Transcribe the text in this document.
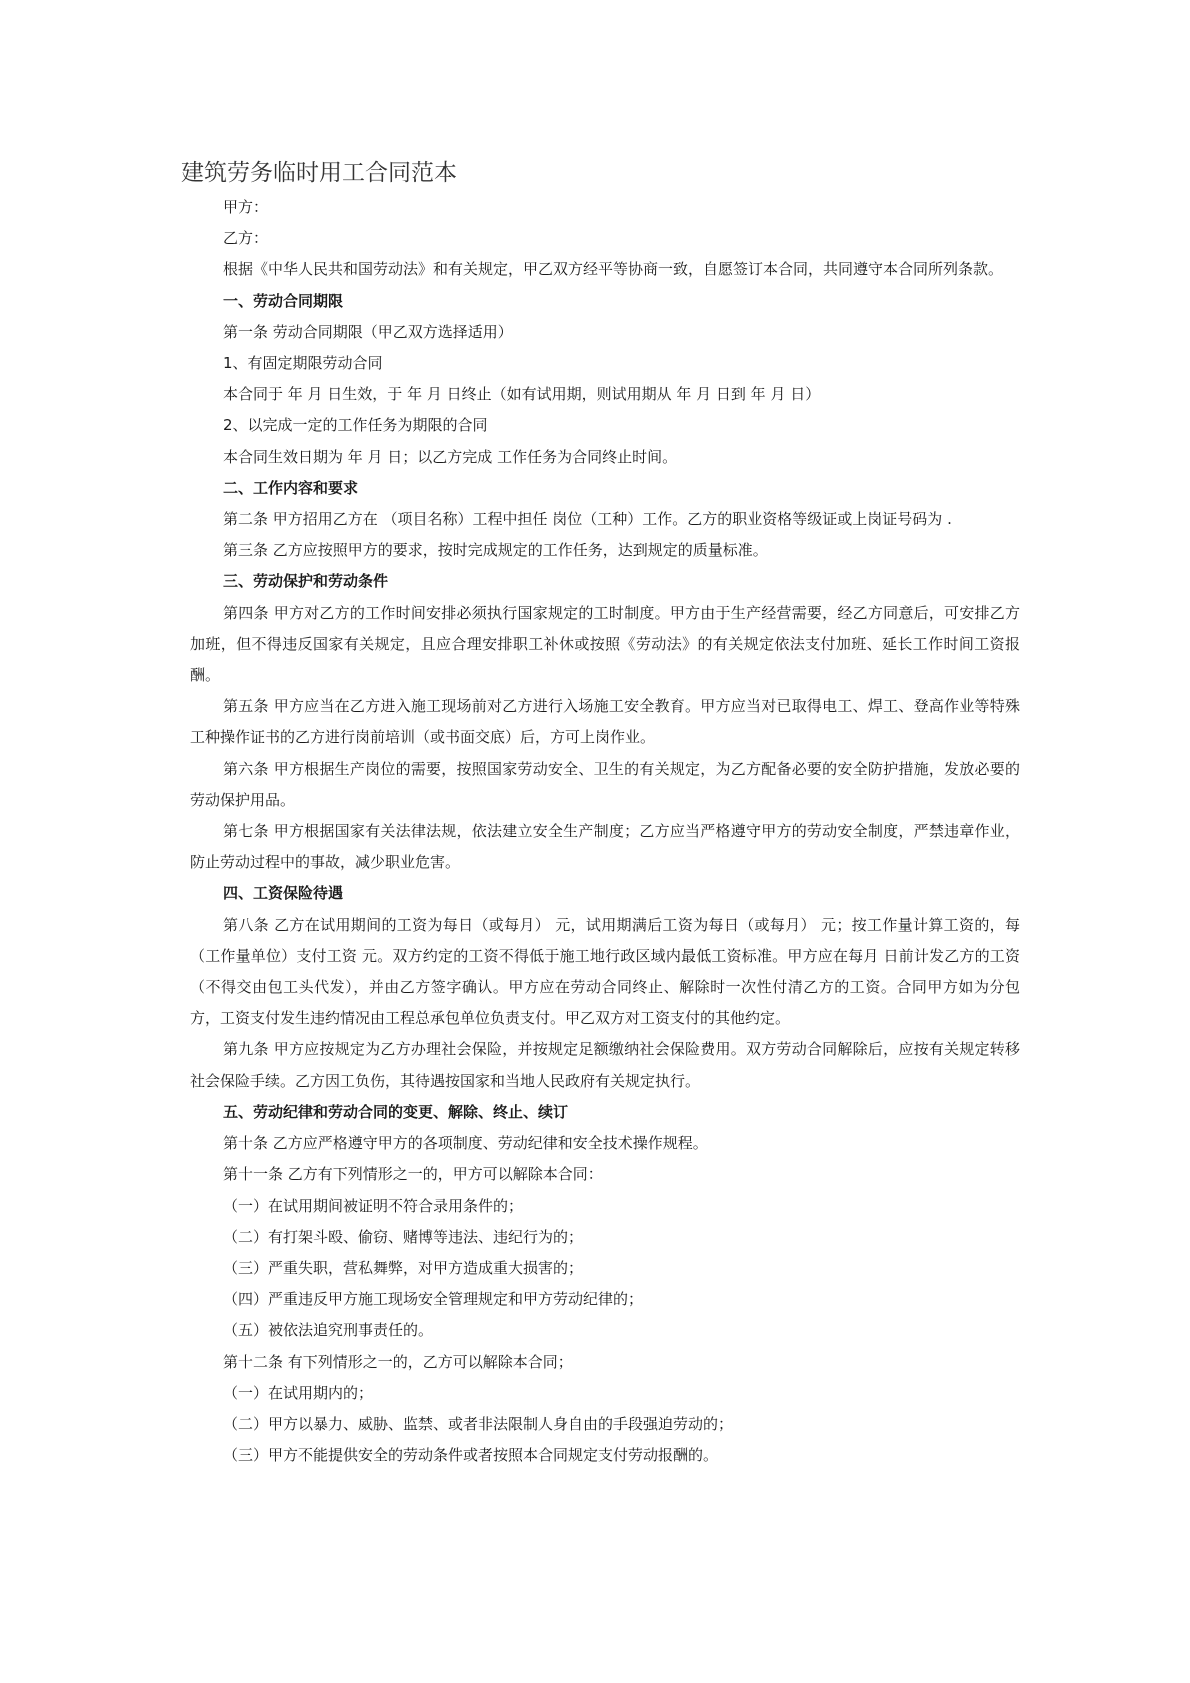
建筑劳务临时用工合同范本

甲方：

乙方：

根据《中华人民共和国劳动法》和有关规定，甲乙双方经平等协商一致，自愿签订本合同，共同遵守本合同所列条款。

一、劳动合同期限

第一条 劳动合同期限（甲乙双方选择适用）

1、有固定期限劳动合同

本合同于 年 月 日生效，于 年 月 日终止（如有试用期，则试用期从 年 月 日到 年 月 日）

2、以完成一定的工作任务为期限的合同

本合同生效日期为 年 月 日；以乙方完成 工作任务为合同终止时间。

二、工作内容和要求

第二条 甲方招用乙方在 （项目名称）工程中担任 岗位（工种）工作。乙方的职业资格等级证或上岗证号码为 .

第三条 乙方应按照甲方的要求，按时完成规定的工作任务，达到规定的质量标准。

三、劳动保护和劳动条件

第四条 甲方对乙方的工作时间安排必须执行国家规定的工时制度。甲方由于生产经营需要，经乙方同意后，可安排乙方加班，但不得违反国家有关规定，且应合理安排职工补休或按照《劳动法》的有关规定依法支付加班、延长工作时间工资报酬。

第五条 甲方应当在乙方进入施工现场前对乙方进行入场施工安全教育。甲方应当对已取得电工、焊工、登高作业等特殊工种操作证书的乙方进行岗前培训（或书面交底）后，方可上岗作业。

第六条 甲方根据生产岗位的需要，按照国家劳动安全、卫生的有关规定，为乙方配备必要的安全防护措施，发放必要的劳动保护用品。

第七条 甲方根据国家有关法律法规，依法建立安全生产制度；乙方应当严格遵守甲方的劳动安全制度，严禁违章作业，防止劳动过程中的事故，减少职业危害。

四、工资保险待遇

第八条 乙方在试用期间的工资为每日（或每月） 元，试用期满后工资为每日（或每月） 元；按工作量计算工资的，每 （工作量单位）支付工资 元。双方约定的工资不得低于施工地行政区域内最低工资标准。甲方应在每月 日前计发乙方的工资（不得交由包工头代发），并由乙方签字确认。甲方应在劳动合同终止、解除时一次性付清乙方的工资。合同甲方如为分包方，工资支付发生违约情况由工程总承包单位负责支付。甲乙双方对工资支付的其他约定。

第九条 甲方应按规定为乙方办理社会保险，并按规定足额缴纳社会保险费用。双方劳动合同解除后，应按有关规定转移社会保险手续。乙方因工负伤，其待遇按国家和当地人民政府有关规定执行。

五、劳动纪律和劳动合同的变更、解除、终止、续订

第十条 乙方应严格遵守甲方的各项制度、劳动纪律和安全技术操作规程。

第十一条 乙方有下列情形之一的，甲方可以解除本合同：

（一）在试用期间被证明不符合录用条件的；

（二）有打架斗殴、偷窃、赌博等违法、违纪行为的；

（三）严重失职，营私舞弊，对甲方造成重大损害的；

（四）严重违反甲方施工现场安全管理规定和甲方劳动纪律的；

（五）被依法追究刑事责任的。

第十二条 有下列情形之一的，乙方可以解除本合同；

（一）在试用期内的；

（二）甲方以暴力、威胁、监禁、或者非法限制人身自由的手段强迫劳动的；

（三）甲方不能提供安全的劳动条件或者按照本合同规定支付劳动报酬的。
